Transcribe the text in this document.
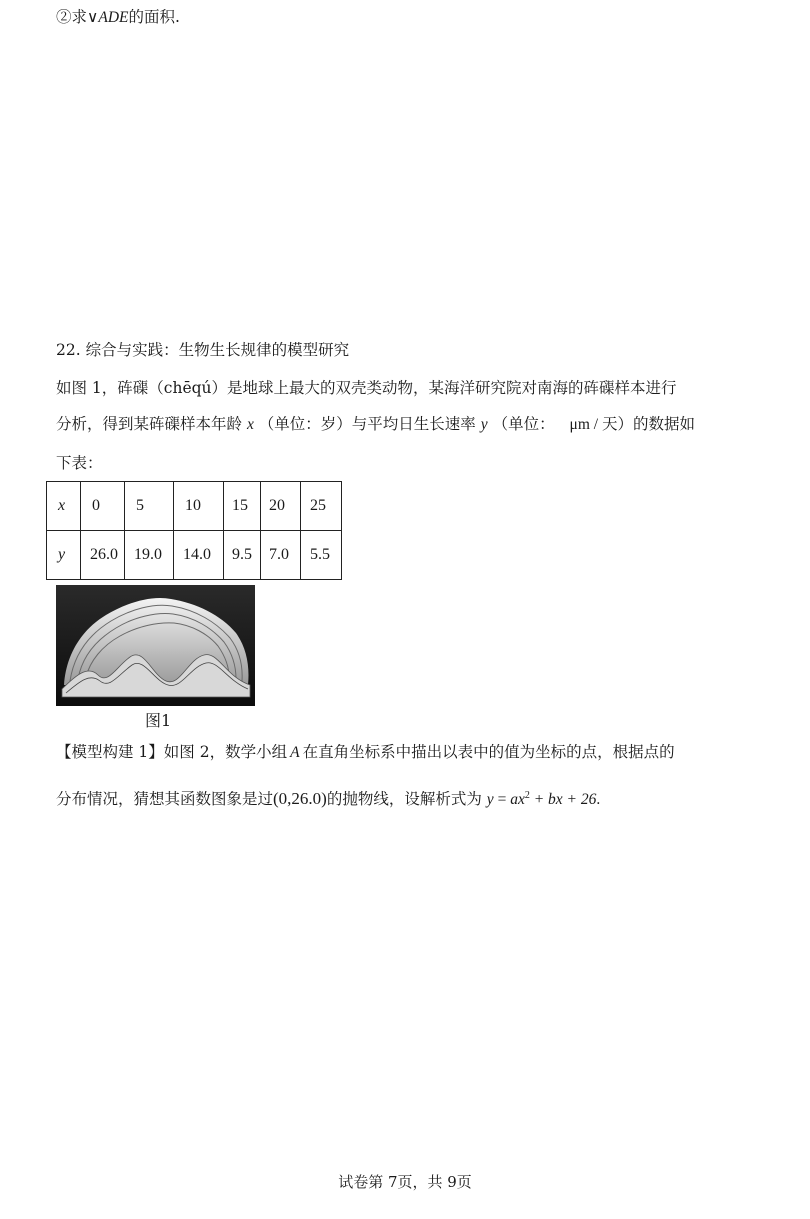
②求∨ADE的面积.
22. 综合与实践：生物生长规律的模型研究
如图 1，砗磲（chēqú）是地球上最大的双壳类动物，某海洋研究院对南海的砗磲样本进行
分析，得到某砗磲样本年龄 x （单位：岁）与平均日生长速率 y （单位： μm / 天）的数据如
下表：
x	0	5	10	15	20	25
y	26.0	19.0	14.0	9.5	7.0	5.5
图1
【模型构建 1】如图 2，数学小组 A 在直角坐标系中描出以表中的值为坐标的点，根据点的
分布情况，猜想其函数图象是过(0,26.0)的抛物线，设解析式为 $y = ax^2$ + bx + 26.
试卷第 7页，共 9页
